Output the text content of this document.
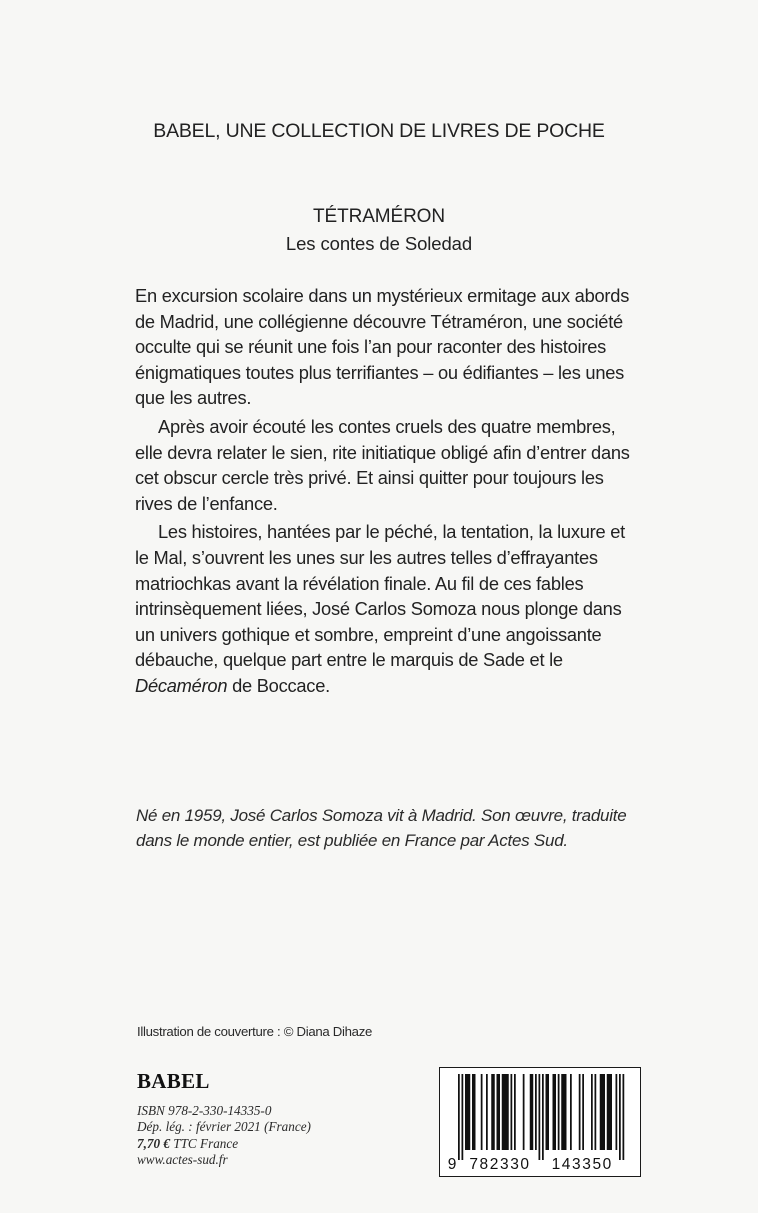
BABEL, UNE COLLECTION DE LIVRES DE POCHE
TÉTRAMÉRON
Les contes de Soledad

En excursion scolaire dans un mystérieux ermitage aux abords de Madrid, une collégienne découvre Tétraméron, une société occulte qui se réunit une fois l’an pour raconter des histoires énigmatiques toutes plus terrifiantes – ou édifiantes – les unes que les autres.

Après avoir écouté les contes cruels des quatre membres, elle devra relater le sien, rite initiatique obligé afin d’entrer dans cet obscur cercle très privé. Et ainsi quitter pour toujours les rives de l’enfance.

Les histoires, hantées par le péché, la tentation, la luxure et le Mal, s’ouvrent les unes sur les autres telles d’effrayantes matriochkas avant la révélation finale. Au fil de ces fables intrinsèquement liées, José Carlos Somoza nous plonge dans un univers gothique et sombre, empreint d’une angoissante débauche, quelque part entre le marquis de Sade et le Décaméron de Boccace.

Né en 1959, José Carlos Somoza vit à Madrid. Son œuvre, traduite dans le monde entier, est publiée en France par Actes Sud.
Illustration de couverture : © Diana Dihaze
BABEL
ISBN 978-2-330-14335-0
Dép. lég. : février 2021 (France)
7,70 € TTC France
www.actes-sud.fr	9 782330 143350
